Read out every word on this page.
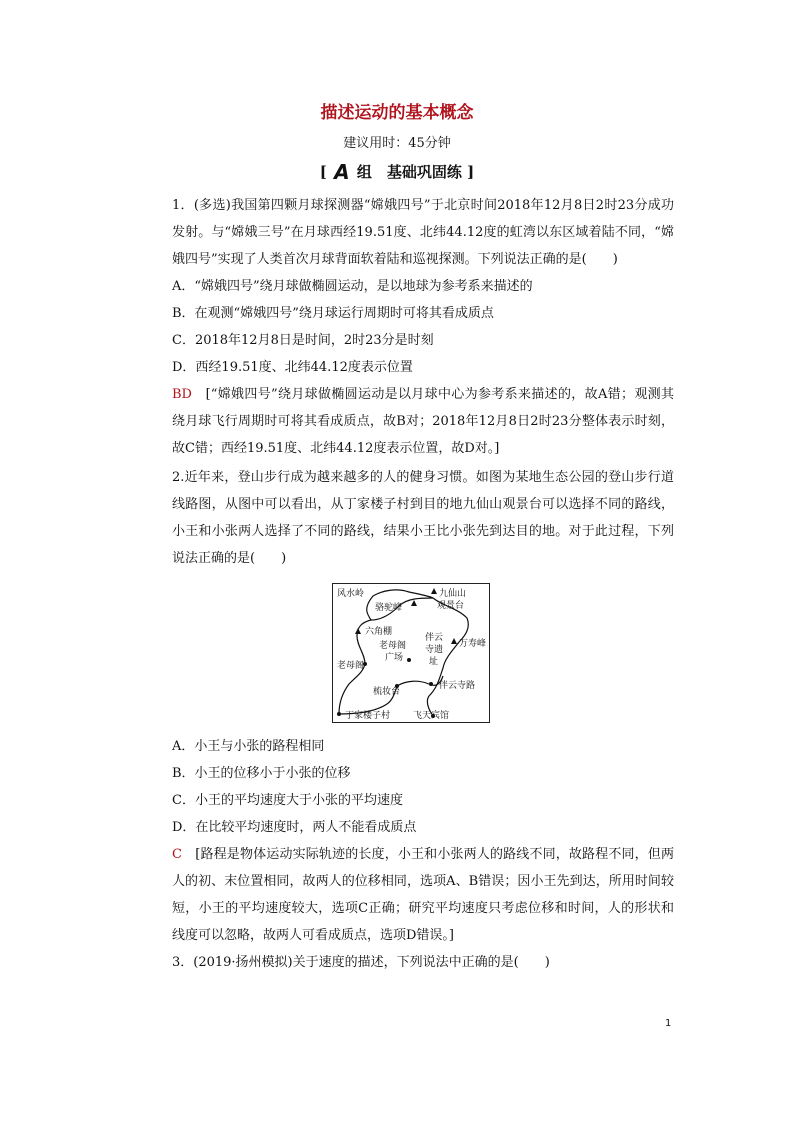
描述运动的基本概念
建议用时：45分钟
[ A 组　基础巩固练 ]
1．(多选)我国第四颗月球探测器“嫦娥四号”于北京时间2018年12月8日2时23分成功发射。与“嫦娥三号”在月球西经19.51度、北纬44.12度的虹湾以东区域着陆不同，“嫦娥四号”实现了人类首次月球背面软着陆和巡视探测。下列说法正确的是(　　)
A．“嫦娥四号”绕月球做椭圆运动，是以地球为参考系来描述的
B．在观测“嫦娥四号”绕月球运行周期时可将其看成质点
C．2018年12月8日是时间，2时23分是时刻
D．西经19.51度、北纬44.12度表示位置
BD　[“嫦娥四号”绕月球做椭圆运动是以月球中心为参考系来描述的，故A错；观测其绕月球飞行周期时可将其看成质点，故B对；2018年12月8日2时23分整体表示时刻，故C错；西经19.51度、北纬44.12度表示位置，故D对。]
2.近年来，登山步行成为越来越多的人的健身习惯。如图为某地生态公园的登山步行道线路图，从图中可以看出，从丁家楼子村到目的地九仙山观景台可以选择不同的路线，小王和小张两人选择了不同的路线，结果小王比小张先到达目的地。对于此过程，下列说法正确的是(　　)
风水岭	九仙山
观景台
骆驼峰
六角棚
老母阁
广场
伴云
寺遗
址
万寿峰
老母阁
梳妆台
伴云寺路
丁家楼子村	飞天宾馆
A．小王与小张的路程相同
B．小王的位移小于小张的位移
C．小王的平均速度大于小张的平均速度
D．在比较平均速度时，两人不能看成质点
C　[路程是物体运动实际轨迹的长度，小王和小张两人的路线不同，故路程不同，但两人的初、末位置相同，故两人的位移相同，选项A、B错误；因小王先到达，所用时间较短，小王的平均速度较大，选项C正确；研究平均速度只考虑位移和时间，人的形状和线度可以忽略，故两人可看成质点，选项D错误。]
3．(2019·扬州模拟)关于速度的描述，下列说法中正确的是(　　)
1
